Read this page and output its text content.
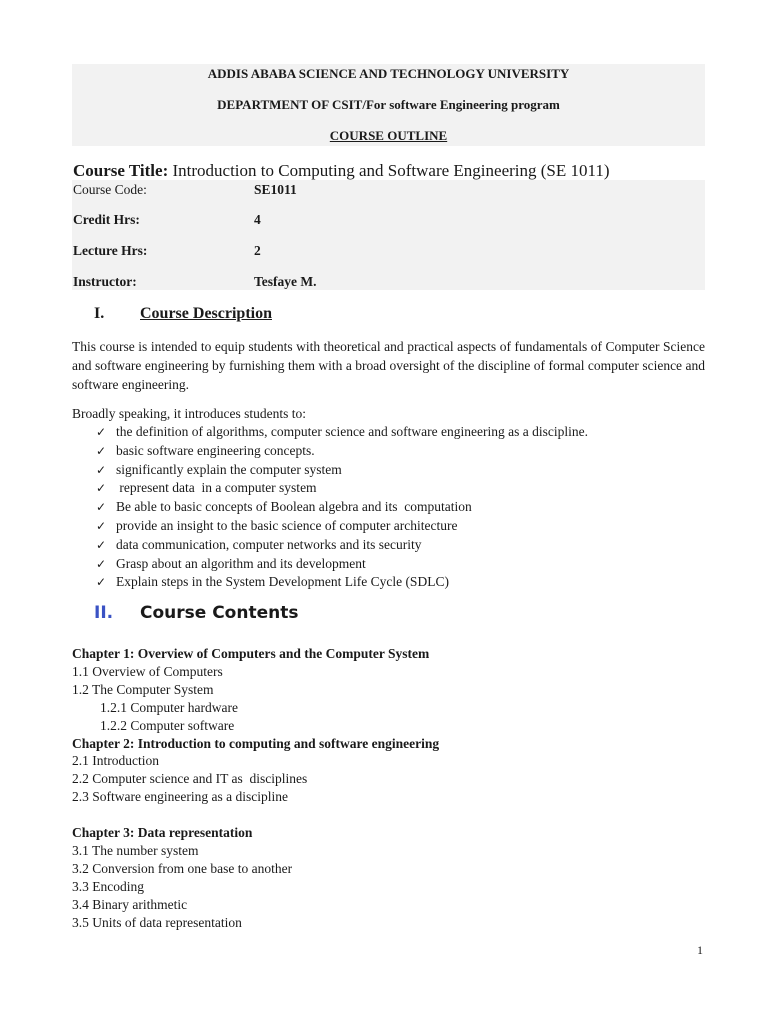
ADDIS ABABA SCIENCE AND TECHNOLOGY UNIVERSITY
DEPARTMENT OF CSIT/For software Engineering program
COURSE OUTLINE
Course Title: Introduction to Computing and Software Engineering (SE 1011)
Course Code:	SE1011
Credit Hrs:	4
Lecture Hrs:	2
Instructor:	Tesfaye M.
I. Course Description
This course is intended to equip students with theoretical and practical aspects of fundamentals of Computer Science and software engineering by furnishing them with a broad oversight of the discipline of formal computer science and software engineering.
Broadly speaking, it introduces students to:
✓ the definition of algorithms, computer science and software engineering as a discipline.
✓ basic software engineering concepts.
✓ significantly explain the computer system
✓ represent data  in a computer system
✓ Be able to basic concepts of Boolean algebra and its  computation
✓ provide an insight to the basic science of computer architecture
✓ data communication, computer networks and its security
✓ Grasp about an algorithm and its development
✓ Explain steps in the System Development Life Cycle (SDLC)
II. Course Contents
Chapter 1: Overview of Computers and the Computer System
1.1 Overview of Computers
1.2 The Computer System
1.2.1 Computer hardware
1.2.2 Computer software
Chapter 2: Introduction to computing and software engineering
2.1 Introduction
2.2 Computer science and IT as  disciplines
2.3 Software engineering as a discipline
Chapter 3: Data representation
3.1 The number system
3.2 Conversion from one base to another
3.3 Encoding
3.4 Binary arithmetic
3.5 Units of data representation
1
